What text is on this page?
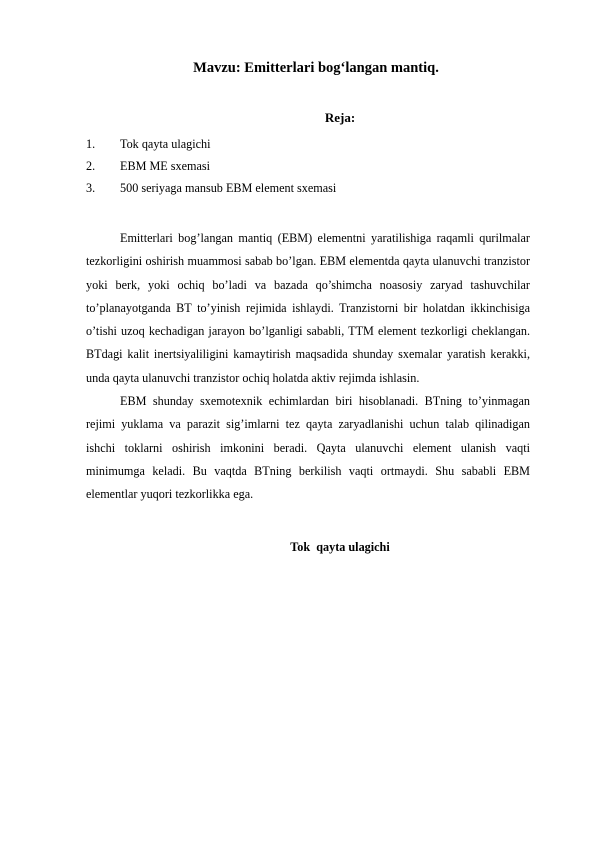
Mavzu: Emitterlari bog‘langan mantiq.
Reja:
1. Tok qayta ulagichi
2. EBM ME sxemasi
3. 500 seriyaga mansub EBM element sxemasi

Emitterlari bog’langan mantiq (EBM) elementni yaratilishiga raqamli qurilmalar tezkorligini oshirish muammosi sabab bo’lgan. EBM elementda qayta ulanuvchi tranzistor yoki berk, yoki ochiq bo’ladi va bazada qo’shimcha noasosiy zaryad tashuvchilar to’planayotganda BT to’yinish rejimida ishlaydi. Tranzistorni bir holatdan ikkinchisiga o’tishi uzoq kechadigan jarayon bo’lganligi sababli, TTM element tezkorligi cheklangan. BTdagi kalit inertsiyaliligini kamaytirish maqsadida shunday sxemalar yaratish kerakki, unda qayta ulanuvchi tranzistor ochiq holatda aktiv rejimda ishlasin.

EBM shunday sxemotexnik echimlardan biri hisoblanadi. BTning to’yinmagan rejimi yuklama va parazit sig’imlarni tez qayta zaryadlanishi uchun talab qilinadigan ishchi toklarni oshirish imkonini beradi. Qayta ulanuvchi element ulanish vaqti minimumga keladi. Bu vaqtda BTning berkilish vaqti ortmaydi. Shu sababli EBM elementlar yuqori tezkorlikka ega.

Tok  qayta ulagichi
